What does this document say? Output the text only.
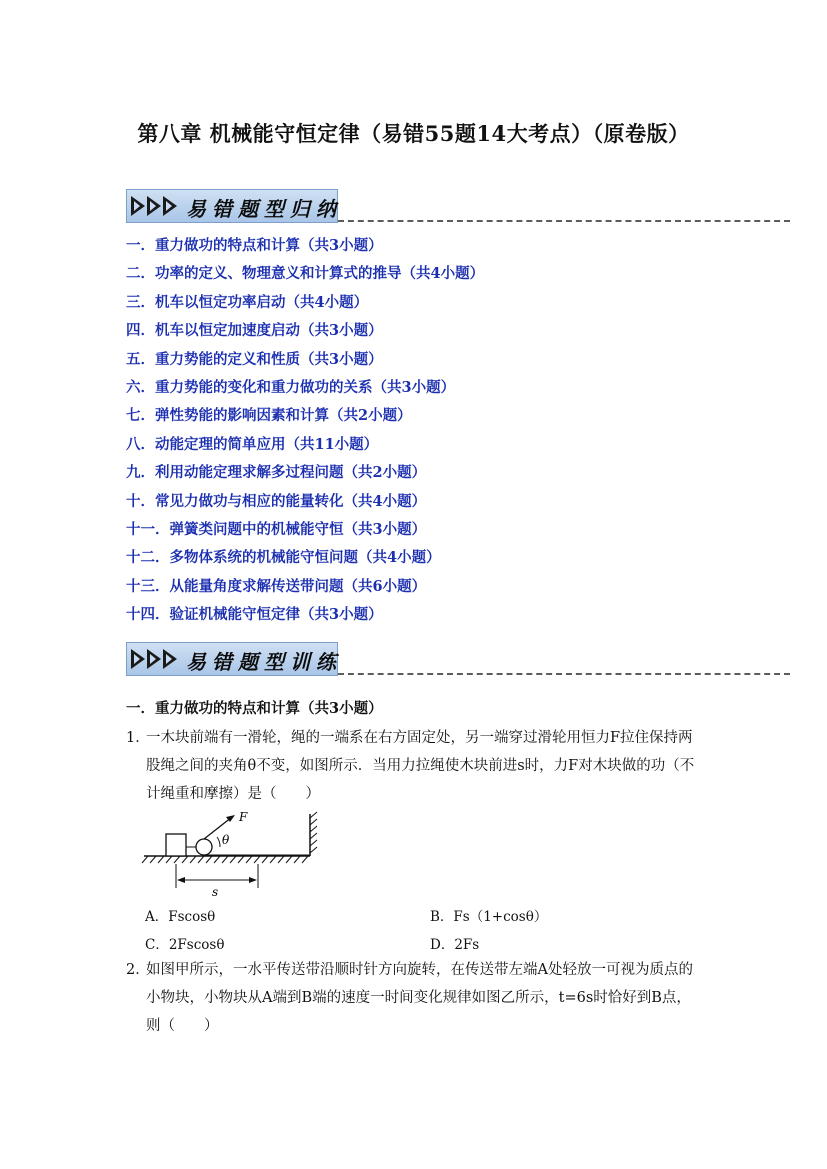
第八章 机械能守恒定律（易错55题14大考点）（原卷版）
易错题型归纳
一．重力做功的特点和计算（共3小题）
二．功率的定义、物理意义和计算式的推导（共4小题）
三．机车以恒定功率启动（共4小题）
四．机车以恒定加速度启动（共3小题）
五．重力势能的定义和性质（共3小题）
六．重力势能的变化和重力做功的关系（共3小题）
七．弹性势能的影响因素和计算（共2小题）
八．动能定理的简单应用（共11小题）
九．利用动能定理求解多过程问题（共2小题）
十．常见力做功与相应的能量转化（共4小题）
十一．弹簧类问题中的机械能守恒（共3小题）
十二．多物体系统的机械能守恒问题（共4小题）
十三．从能量角度求解传送带问题（共6小题）
十四．验证机械能守恒定律（共3小题）
易错题型训练
一．重力做功的特点和计算（共3小题）
1．
一木块前端有一滑轮，绳的一端系在右方固定处，另一端穿过滑轮用恒力F拉住保持两
股绳之间的夹角θ不变，如图所示．当用力拉绳使木块前进s时，力F对木块做的功（不
计绳重和摩擦）是（　　）
F
θ
s
A．Fscosθ	B．Fs（1+cosθ）
C．2Fscosθ	D．2Fs
2．
如图甲所示，一水平传送带沿顺时针方向旋转，在传送带左端A处轻放一可视为质点的
小物块，小物块从A端到B端的速度一时间变化规律如图乙所示，t=6s时恰好到B点，
则（　　）
